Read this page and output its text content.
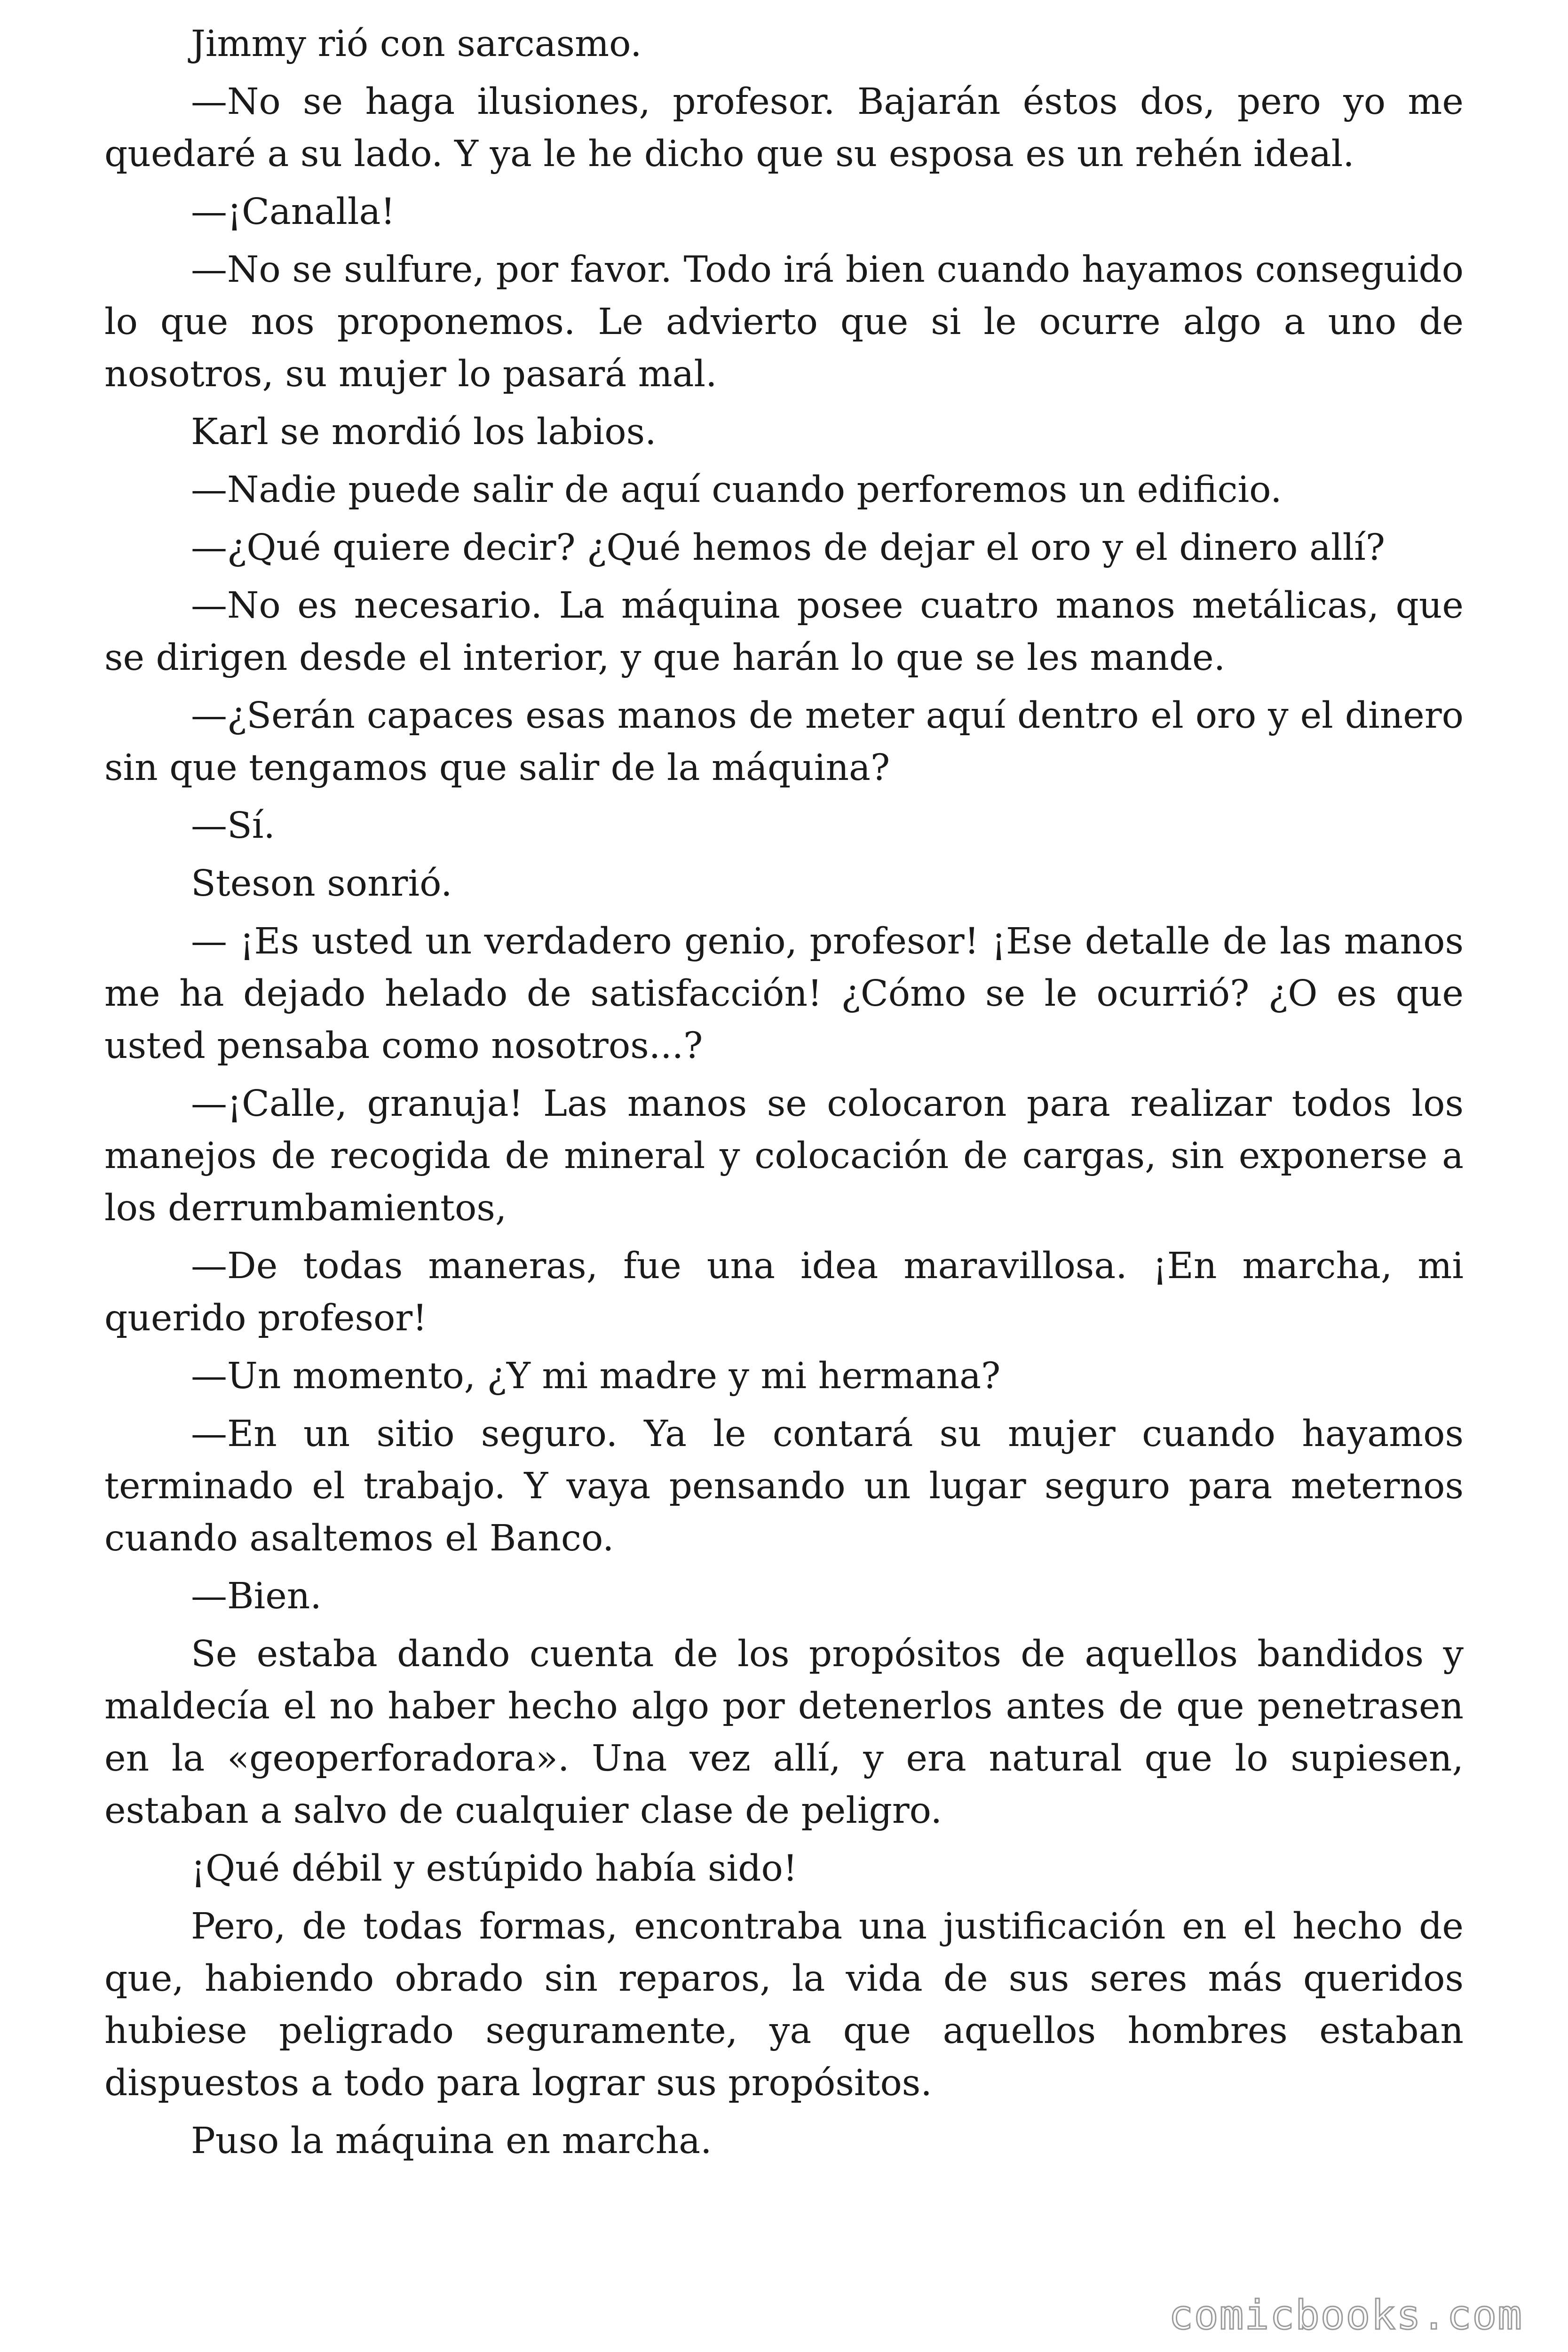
Jimmy rió con sarcasmo.

—No se haga ilusiones, profesor. Bajarán éstos dos, pero yo me quedaré a su lado. Y ya le he dicho que su esposa es un rehén ideal.

—¡Canalla!

—No se sulfure, por favor. Todo irá bien cuando hayamos conseguido lo que nos proponemos. Le advierto que si le ocurre algo a uno de nosotros, su mujer lo pasará mal.

Karl se mordió los labios.

—Nadie puede salir de aquí cuando perforemos un edificio.

—¿Qué quiere decir? ¿Qué hemos de dejar el oro y el dinero allí?

—No es necesario. La máquina posee cuatro manos metálicas, que se dirigen desde el interior, y que harán lo que se les mande.

—¿Serán capaces esas manos de meter aquí dentro el oro y el dinero sin que tengamos que salir de la máquina?

—Sí.

Steson sonrió.

— ¡Es usted un verdadero genio, profesor! ¡Ese detalle de las manos me ha dejado helado de satisfacción! ¿Cómo se le ocurrió? ¿O es que usted pensaba como nosotros...?

—¡Calle, granuja! Las manos se colocaron para realizar todos los manejos de recogida de mineral y colocación de cargas, sin exponerse a los derrumbamientos,

—De todas maneras, fue una idea maravillosa. ¡En marcha, mi querido profesor!

—Un momento, ¿Y mi madre y mi hermana?

—En un sitio seguro. Ya le contará su mujer cuando hayamos terminado el trabajo. Y vaya pensando un lugar seguro para meternos cuando asaltemos el Banco.

—Bien.

Se estaba dando cuenta de los propósitos de aquellos bandidos y maldecía el no haber hecho algo por detenerlos antes de que penetrasen en la «geoperforadora». Una vez allí, y era natural que lo supiesen, estaban a salvo de cualquier clase de peligro.

¡Qué débil y estúpido había sido!

Pero, de todas formas, encontraba una justificación en el hecho de que, habiendo obrado sin reparos, la vida de sus seres más queridos hubiese peligrado seguramente, ya que aquellos hombres estaban dispuestos a todo para lograr sus propósitos.

Puso la máquina en marcha.

comicbooks.com
